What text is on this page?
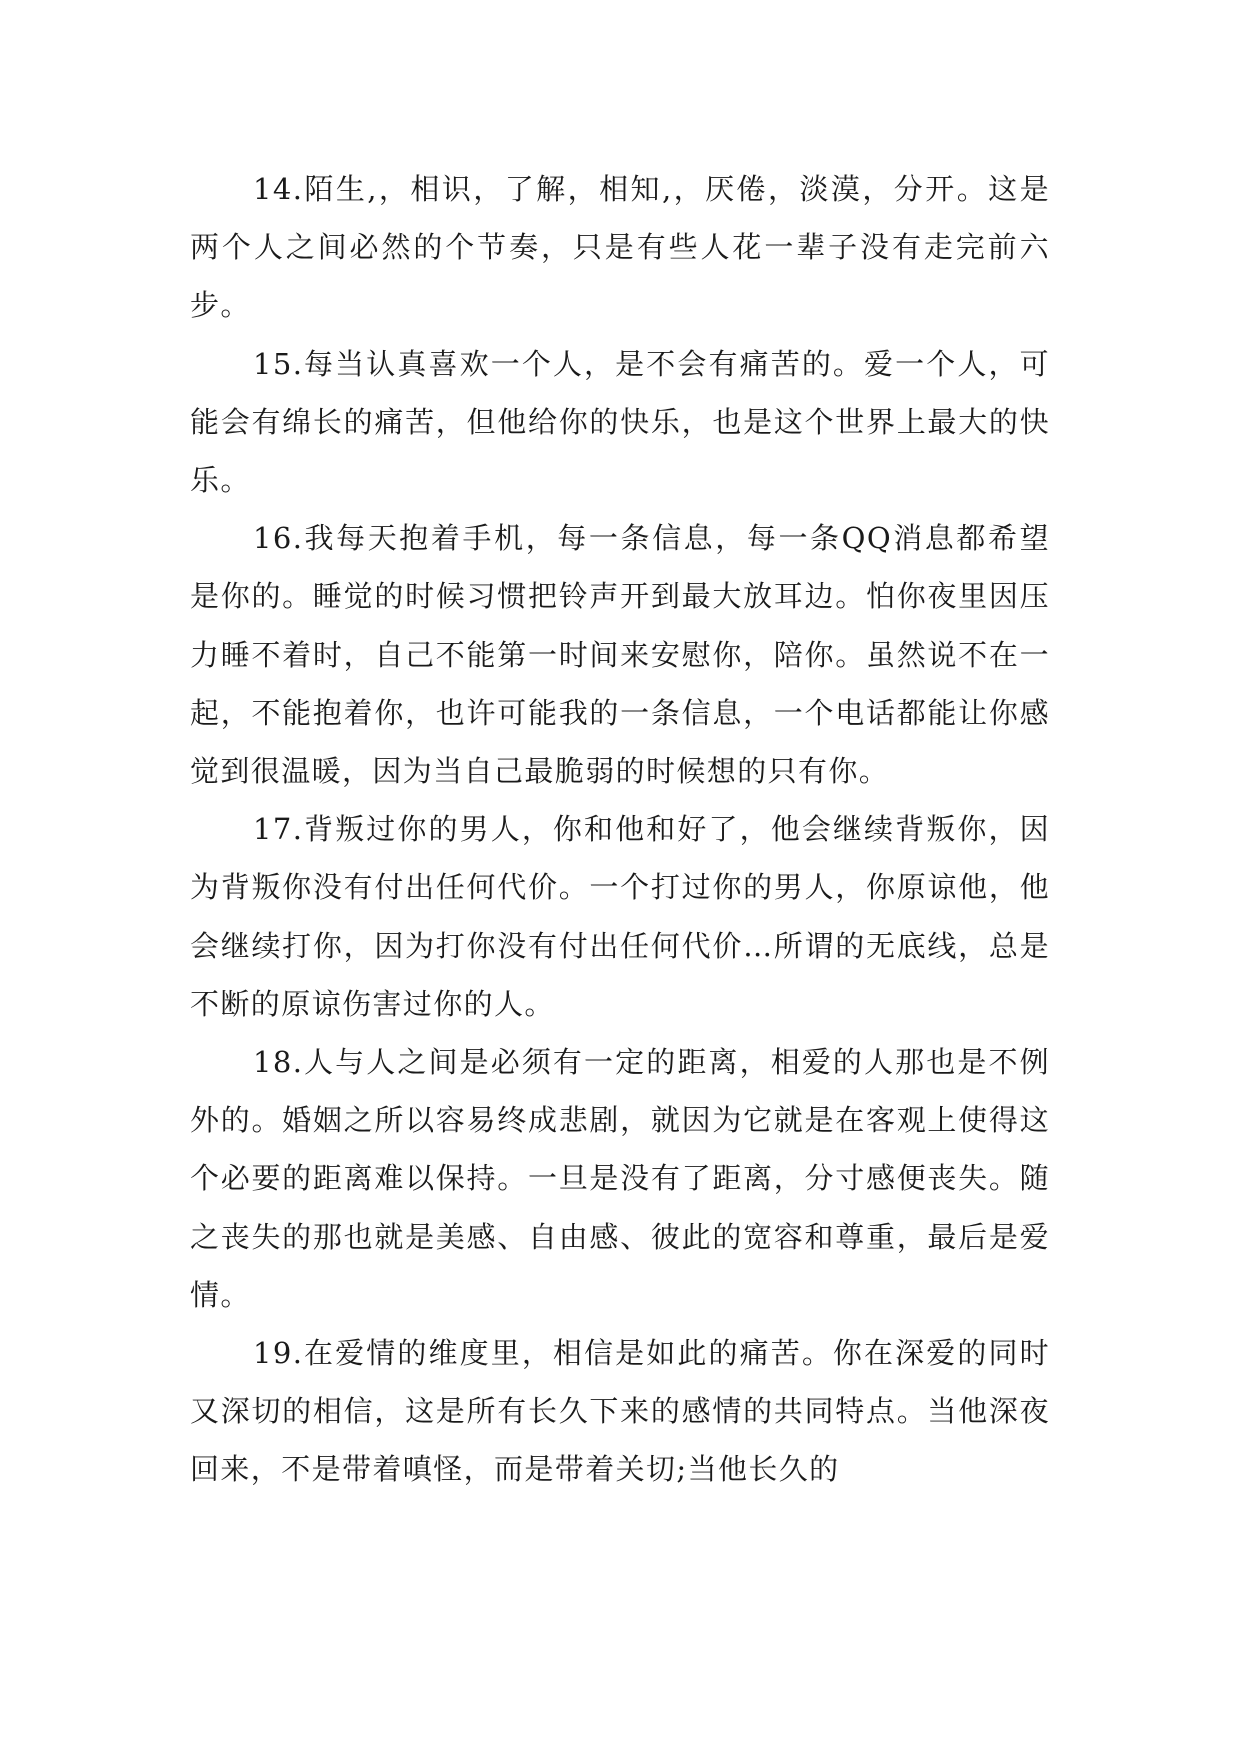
14.陌生,，相识，了解，相知,，厌倦，淡漠，分开。这是两个人之间必然的个节奏，只是有些人花一辈子没有走完前六步。

15.每当认真喜欢一个人，是不会有痛苦的。爱一个人，可能会有绵长的痛苦，但他给你的快乐，也是这个世界上最大的快乐。

16.我每天抱着手机，每一条信息，每一条QQ消息都希望是你的。睡觉的时候习惯把铃声开到最大放耳边。怕你夜里因压力睡不着时，自己不能第一时间来安慰你，陪你。虽然说不在一起，不能抱着你，也许可能我的一条信息，一个电话都能让你感觉到很温暖，因为当自己最脆弱的时候想的只有你。

17.背叛过你的男人，你和他和好了，他会继续背叛你，因为背叛你没有付出任何代价。一个打过你的男人，你原谅他，他会继续打你，因为打你没有付出任何代价…所谓的无底线，总是不断的原谅伤害过你的人。

18.人与人之间是必须有一定的距离，相爱的人那也是不例外的。婚姻之所以容易终成悲剧，就因为它就是在客观上使得这个必要的距离难以保持。一旦是没有了距离，分寸感便丧失。随之丧失的那也就是美感、自由感、彼此的宽容和尊重，最后是爱情。

19.在爱情的维度里，相信是如此的痛苦。你在深爱的同时又深切的相信，这是所有长久下来的感情的共同特点。当他深夜回来，不是带着嗔怪，而是带着关切;当他长久的
